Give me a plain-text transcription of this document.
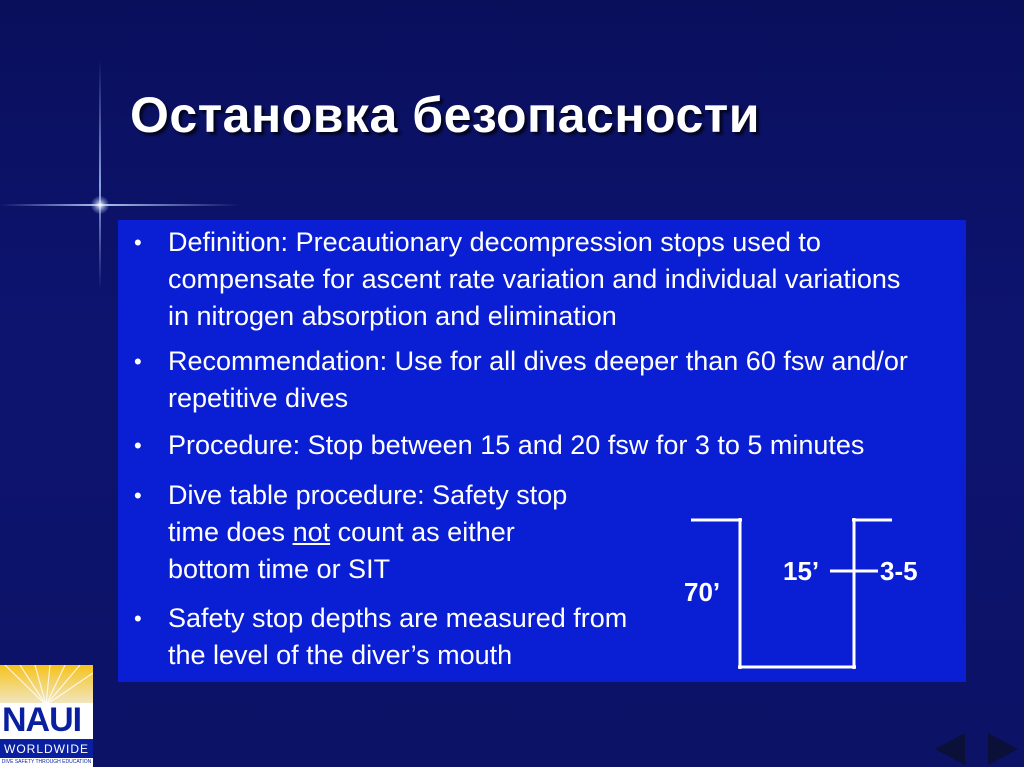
Остановка безопасности
• Definition: Precautionary decompression stops used to
compensate for ascent rate variation and individual variations
in nitrogen absorption and elimination
• Recommendation: Use for all dives deeper than 60 fsw and/or
repetitive dives
• Procedure: Stop between 15 and 20 fsw for 3 to 5 minutes
• Dive table procedure: Safety stop
time does not count as either
bottom time or SIT
• Safety stop depths are measured from
the level of the diver’s mouth
70’
15’ 3-5
NAUI
WORLDWIDE
DIVE SAFETY THROUGH EDUCATION
